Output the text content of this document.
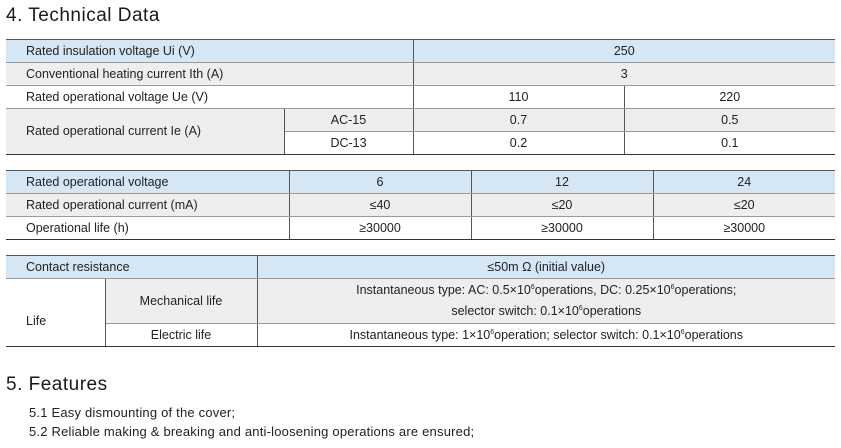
4. Technical Data
Rated insulation voltage Ui (V)		250	
Conventional heating current Ith (A)		3	
Rated operational voltage Ue (V)		110	220
Rated operational current Ie (A)	AC-15	0.7	0.5
	DC-13	0.2	0.1
Rated operational voltage	6	12	24
Rated operational current (mA)	≤40	≤20	≤20
Operational life (h)	≥30000	≥30000	≥30000
Contact resistance		≤50m Ω (initial value)
Life	Mechanical life	Instantaneous type: AC: $0.5\times 10^6operations$, DC: $0.25\times 10^6operations$;
selector switch: $0.1\times 10^6operations$

	Electric life	Instantaneous type: $1\times 10^6operation$; selector switch: $0.1\times 10^6operations$
5. Features

5.1 Easy dismounting of the cover;

5.2 Reliable making & breaking and anti-loosening operations are ensured;
